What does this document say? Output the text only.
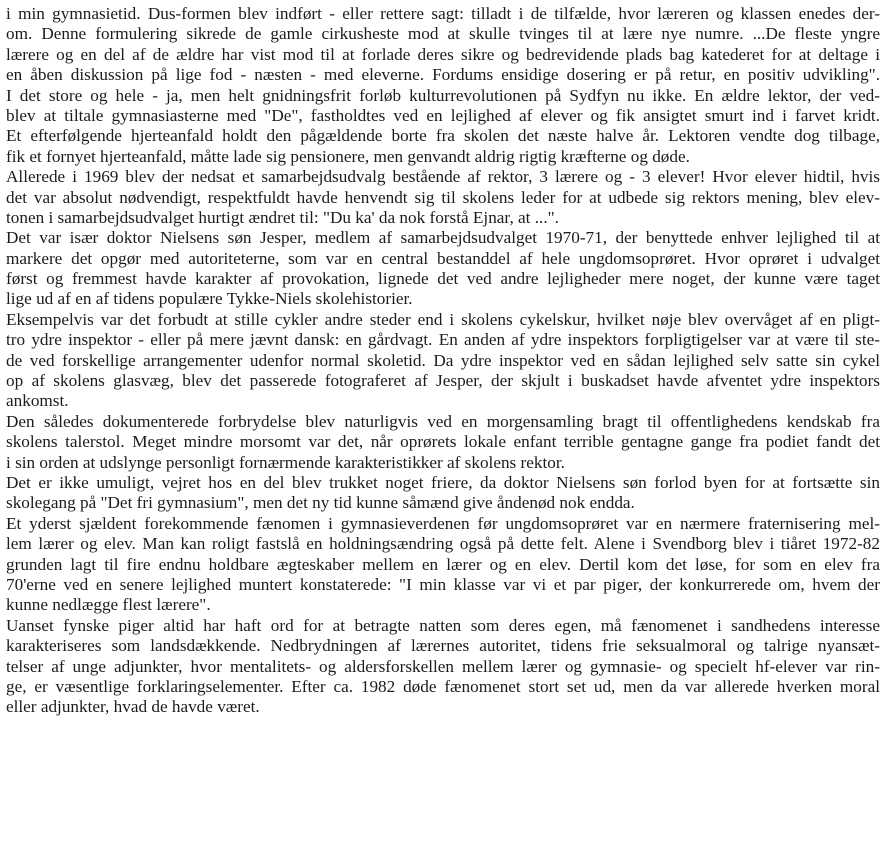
i min gymnasietid. Dus-formen blev indført - eller rettere sagt: tilladt i de tilfælde, hvor læreren og klassen enedes der-
om. Denne formulering sikrede de gamle cirkusheste mod at skulle tvinges til at lære nye numre. ...De fleste yngre
lærere og en del af de ældre har vist mod til at forlade deres sikre og bedrevidende plads bag katederet for at deltage i
en åben diskussion på lige fod - næsten - med eleverne. Fordums ensidige dosering er på retur, en positiv udvikling".
I det store og hele - ja, men helt gnidningsfrit forløb kulturrevolutionen på Sydfyn nu ikke. En ældre lektor, der ved-
blev at tiltale gymnasiasterne med "De", fastholdtes ved en lejlighed af elever og fik ansigtet smurt ind i farvet kridt.
Et efterfølgende hjerteanfald holdt den pågældende borte fra skolen det næste halve år. Lektoren vendte dog tilbage,
fik et fornyet hjerteanfald, måtte lade sig pensionere, men genvandt aldrig rigtig kræfterne og døde.
Allerede i 1969 blev der nedsat et samarbejdsudvalg bestående af rektor, 3 lærere og - 3 elever! Hvor elever hidtil, hvis
det var absolut nødvendigt, respektfuldt havde henvendt sig til skolens leder for at udbede sig rektors mening, blev elev-
tonen i samarbejdsudvalget hurtigt ændret til: "Du ka' da nok forstå Ejnar, at ...".
Det var især doktor Nielsens søn Jesper, medlem af samarbejdsudvalget 1970-71, der benyttede enhver lejlighed til at
markere det opgør med autoriteterne, som var en central bestanddel af hele ungdomsoprøret. Hvor oprøret i udvalget
først og fremmest havde karakter af provokation, lignede det ved andre lejligheder mere noget, der kunne være taget
lige ud af en af tidens populære Tykke-Niels skolehistorier.
Eksempelvis var det forbudt at stille cykler andre steder end i skolens cykelskur, hvilket nøje blev overvåget af en pligt-
tro ydre inspektor - eller på mere jævnt dansk: en gårdvagt. En anden af ydre inspektors forpligtigelser var at være til ste-
de ved forskellige arrangementer udenfor normal skoletid. Da ydre inspektor ved en sådan lejlighed selv satte sin cykel
op af skolens glasvæg, blev det passerede fotograferet af Jesper, der skjult i buskadset havde afventet ydre inspektors
ankomst.
Den således dokumenterede forbrydelse blev naturligvis ved en morgensamling bragt til offentlighedens kendskab fra
skolens talerstol. Meget mindre morsomt var det, når oprørets lokale enfant terrible gentagne gange fra podiet fandt det
i sin orden at udslynge personligt fornærmende karakteristikker af skolens rektor.
Det er ikke umuligt, vejret hos en del blev trukket noget friere, da doktor Nielsens søn forlod byen for at fortsætte sin
skolegang på "Det fri gymnasium", men det ny tid kunne såmænd give åndenød nok endda.
Et yderst sjældent forekommende fænomen i gymnasieverdenen før ungdomsoprøret var en nærmere fraternisering mel-
lem lærer og elev. Man kan roligt fastslå en holdningsændring også på dette felt. Alene i Svendborg blev i tiåret 1972-82
grunden lagt til fire endnu holdbare ægteskaber mellem en lærer og en elev. Dertil kom det løse, for som en elev fra
70'erne ved en senere lejlighed muntert konstaterede: "I min klasse var vi et par piger, der konkurrerede om, hvem der
kunne nedlægge flest lærere".
Uanset fynske piger altid har haft ord for at betragte natten som deres egen, må fænomenet i sandhedens interesse
karakteriseres som landsdækkende. Nedbrydningen af lærernes autoritet, tidens frie seksualmoral og talrige nyansæt-
telser af unge adjunkter, hvor mentalitets- og aldersforskellen mellem lærer og gymnasie- og specielt hf-elever var rin-
ge, er væsentlige forklaringselementer. Efter ca. 1982 døde fænomenet stort set ud, men da var allerede hverken moral
eller adjunkter, hvad de havde været.
